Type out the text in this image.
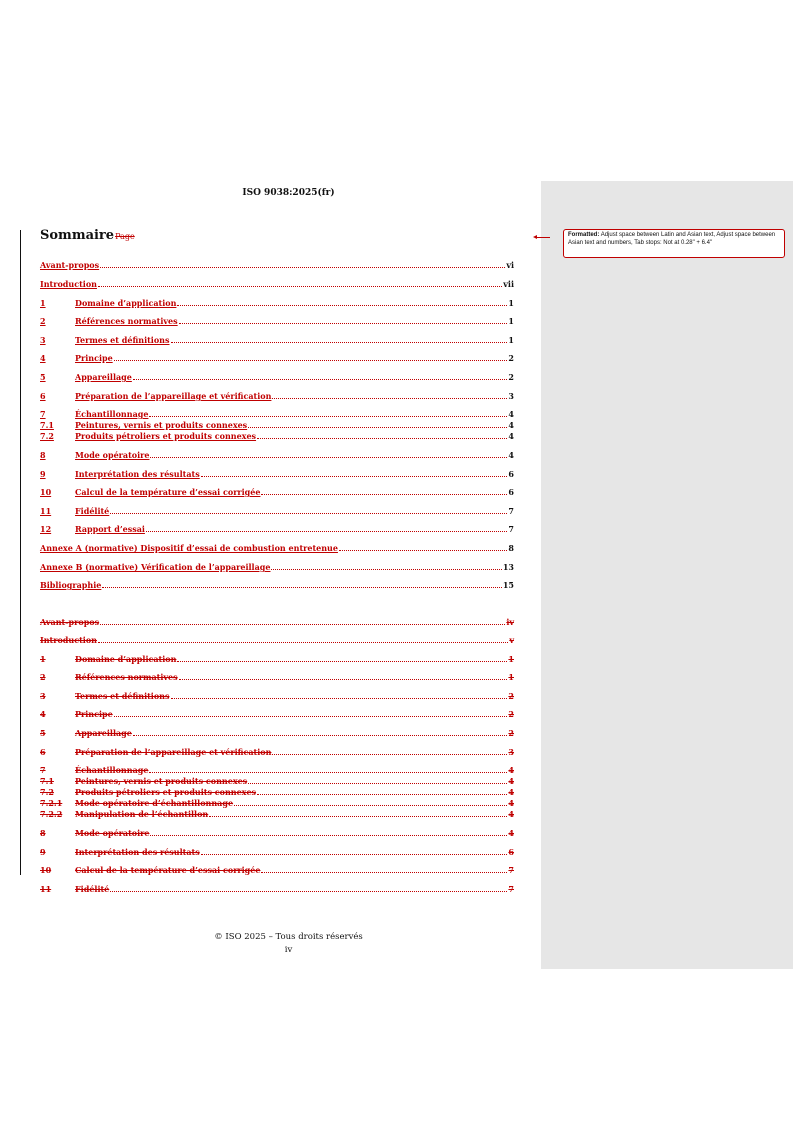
ISO 9038:2025(fr)
SommairePage
Avant-propos	vi
Introduction	vii
1	Domaine d’application	1
2	Références normatives	1
3	Termes et définitions	1
4	Principe	2
5	Appareillage	2
6	Préparation de l’appareillage et vérification	3
7	Échantillonnage	4
7.1	Peintures, vernis et produits connexes	4
7.2	Produits pétroliers et produits connexes	4
8	Mode opératoire	4
9	Interprétation des résultats	6
10	Calcul de la température d’essai corrigée	6
11	Fidélité	7
12	Rapport d’essai	7
Annexe A (normative) Dispositif d’essai de combustion entretenue	8
Annexe B (normative) Vérification de l’appareillage	13
Bibliographie	15
Avant-propos	iv
Introduction	v
1	Domaine d’application	1
2	Références normatives	1
3	Termes et définitions	2
4	Principe	2
5	Appareillage	2
6	Préparation de l’appareillage et vérification	3
7	Échantillonnage	4
7.1	Peintures, vernis et produits connexes	4
7.2	Produits pétroliers et produits connexes	4
7.2.1	Mode opératoire d’échantillonnage	4
7.2.2	Manipulation de l’échantillon	4
8	Mode opératoire	4
9	Interprétation des résultats	6
10	Calcul de la température d’essai corrigée	7
11	Fidélité	7
Formatted: Adjust space between Latin and Asian text, Adjust space between Asian text and numbers, Tab stops: Not at 0.28" + 6.4"
© ISO 2025 – Tous droits réservés
iv
